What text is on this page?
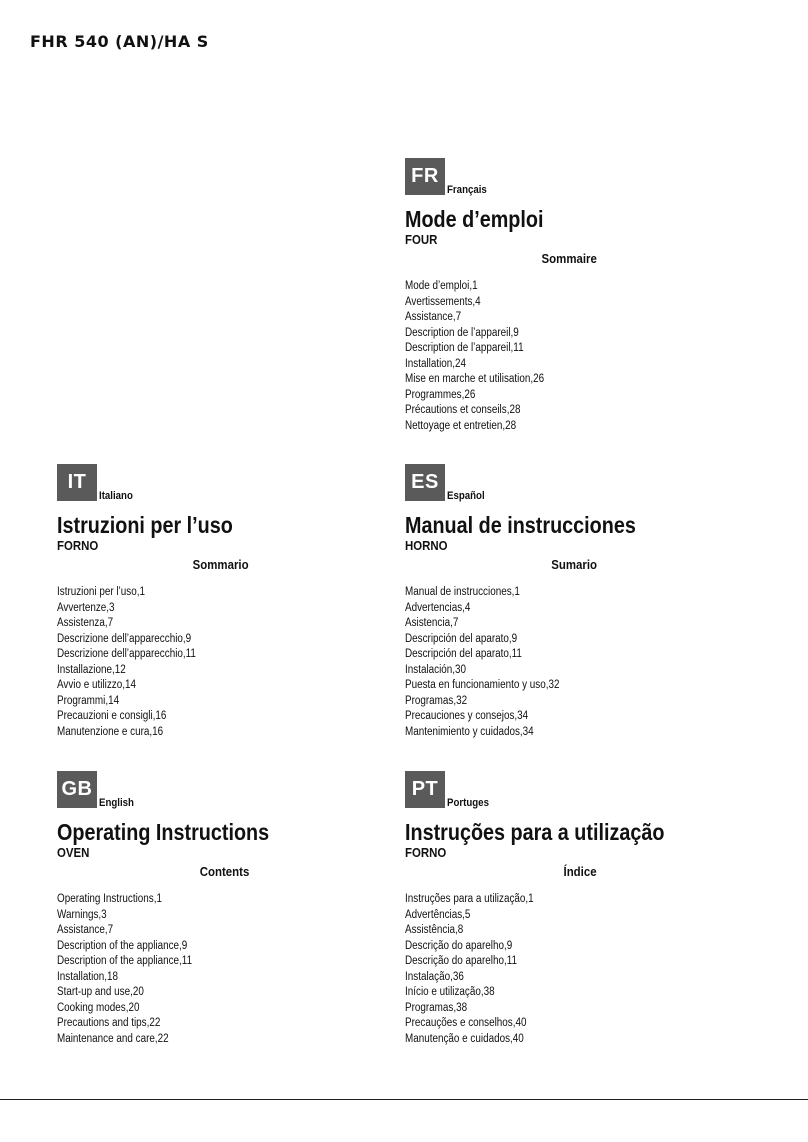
FHR 540 (AN)/HA S
FR
Français
Mode d’emploi
FOUR
Sommaire
Mode d’emploi,1
Avertissements,4
Assistance,7
Description de l’appareil,9
Description de l’appareil,11
Installation,24
Mise en marche et utilisation,26
Programmes,26
Précautions et conseils,28
Nettoyage et entretien,28
IT
Italiano
Istruzioni per l’uso
FORNO
Sommario
Istruzioni per l’uso,1
Avvertenze,3
Assistenza,7
Descrizione dell’apparecchio,9
Descrizione dell’apparecchio,11
Installazione,12
Avvio e utilizzo,14
Programmi,14
Precauzioni e consigli,16
Manutenzione e cura,16
ES
Español
Manual de instrucciones
HORNO
Sumario
Manual de instrucciones,1
Advertencias,4
Asistencia,7
Descripción del aparato,9
Descripción del aparato,11
Instalación,30
Puesta en funcionamiento y uso,32
Programas,32
Precauciones y consejos,34
Mantenimiento y cuidados,34
GB
English
Operating Instructions
OVEN
Contents
Operating Instructions,1
Warnings,3
Assistance,7
Description of the appliance,9
Description of the appliance,11
Installation,18
Start-up and use,20
Cooking modes,20
Precautions and tips,22
Maintenance and care,22
PT
Portuges
Instruções para a utilização
FORNO
Índice
Instruções para a utilização,1
Advertências,5
Assistência,8
Descrição do aparelho,9
Descrição do aparelho,11
Instalação,36
Início e utilização,38
Programas,38
Precauções e conselhos,40
Manutenção e cuidados,40
